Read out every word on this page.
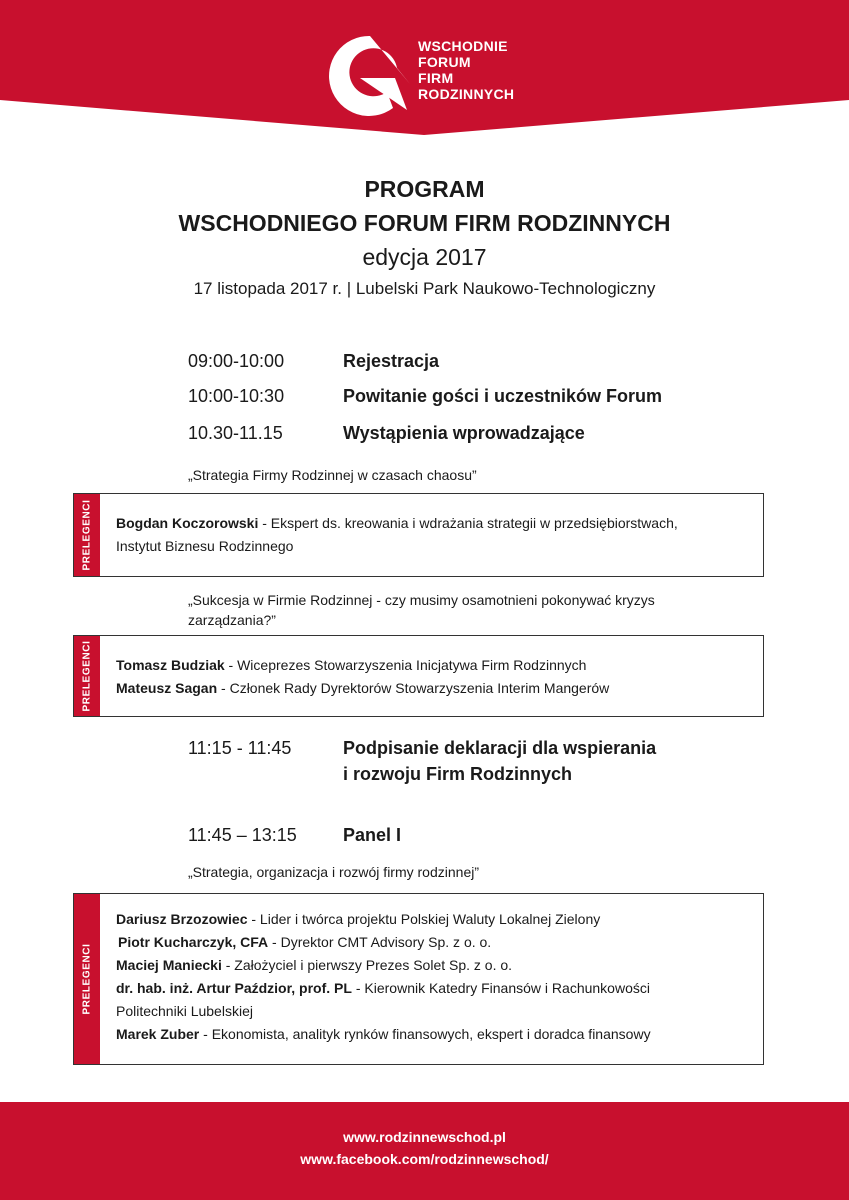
WSCHODNIE
FORUM
FIRM
RODZINNYCH
PROGRAM
WSCHODNIEGO FORUM FIRM RODZINNYCH
edycja 2017
17 listopada 2017 r. | Lubelski Park Naukowo-Technologiczny
09:00-10:00	Rejestracja
10:00-10:30	Powitanie gości i uczestników Forum
10.30-11.15	Wystąpienia wprowadzające
„Strategia Firmy Rodzinnej w czasach chaosu”
PRELEGENCI Bogdan Koczorowski - Ekspert ds. kreowania i wdrażania strategii w przedsiębiorstwach,
Instytut Biznesu Rodzinnego
„Sukcesja w Firmie Rodzinnej - czy musimy osamotnieni pokonywać kryzys
zarządzania?”
PRELEGENCI Tomasz Budziak - Wiceprezes Stowarzyszenia Inicjatywa Firm Rodzinnych
Mateusz Sagan - Członek Rady Dyrektorów Stowarzyszenia Interim Mangerów
11:15 - 11:45	Podpisanie deklaracji dla wspierania
i rozwoju Firm Rodzinnych
11:45 – 13:15	Panel I
„Strategia, organizacja i rozwój firmy rodzinnej”
PRELEGENCI
Dariusz Brzozowiec - Lider i twórca projektu Polskiej Waluty Lokalnej Zielony
Piotr Kucharczyk, CFA - Dyrektor CMT Advisory Sp. z o. o.
Maciej Maniecki - Założyciel i pierwszy Prezes Solet Sp. z o. o.
dr. hab. inż. Artur Paździor, prof. PL - Kierownik Katedry Finansów i Rachunkowości
Politechniki Lubelskiej
Marek Zuber - Ekonomista, analityk rynków finansowych, ekspert i doradca finansowy
www.rodzinnewschod.pl
www.facebook.com/rodzinnewschod/
